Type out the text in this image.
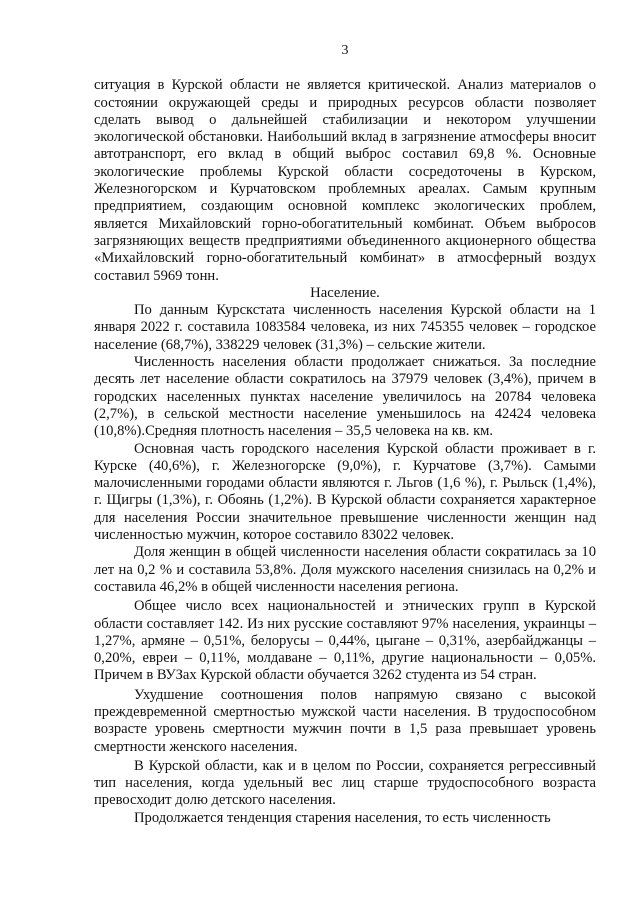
3

ситуация в Курской области не является критической. Анализ материалов о состоянии окружающей среды и природных ресурсов области позволяет сделать вывод о дальнейшей стабилизации и некотором улучшении экологической обстановки. Наибольший вклад в загрязнение атмосферы вносит автотранспорт, его вклад в общий выброс составил 69,8 %. Основные экологические проблемы Курской области сосредоточены в Курском, Железногорском и Курчатовском проблемных ареалах. Самым крупным предприятием, создающим основной комплекс экологических проблем, является Михайловский горно-обогатительный комбинат. Объем выбросов загрязняющих веществ предприятиями объединенного акционерного общества «Михайловский горно-обогатительный комбинат» в атмосферный воздух составил 5969 тонн.

Население.

По данным Курскстата численность населения Курской области на 1 января 2022 г. составила 1083584 человека, из них 745355 человек – городское население (68,7%), 338229 человек (31,3%) – сельские жители.

Численность населения области продолжает снижаться. За последние десять лет население области сократилось на 37979 человек (3,4%), причем в городских населенных пунктах население увеличилось на 20784 человека (2,7%), в сельской местности население уменьшилось на 42424 человека (10,8%).Средняя плотность населения – 35,5 человека на кв. км.

Основная часть городского населения Курской области проживает в г. Курске (40,6%), г. Железногорске (9,0%), г. Курчатове (3,7%). Самыми малочисленными городами области являются г. Льгов (1,6 %), г. Рыльск (1,4%), г. Щигры (1,3%), г. Обоянь (1,2%). В Курской области сохраняется характерное для населения России значительное превышение численности женщин над численностью мужчин, которое составило 83022 человек.

Доля женщин в общей численности населения области сократилась за 10 лет на 0,2 % и составила 53,8%. Доля мужского населения снизилась на 0,2% и составила 46,2% в общей численности населения региона.

Общее число всех национальностей и этнических групп в Курской области составляет 142. Из них русские составляют 97% населения, украинцы – 1,27%, армяне – 0,51%, белорусы – 0,44%, цыгане – 0,31%, азербайджанцы – 0,20%, евреи – 0,11%, молдаване – 0,11%, другие национальности – 0,05%. Причем в ВУЗах Курской области обучается 3262 студента из 54 стран.

Ухудшение соотношения полов напрямую связано с высокой преждевременной смертностью мужской части населения. В трудоспособном возрасте уровень смертности мужчин почти в 1,5 раза превышает уровень смертности женского населения.

В Курской области, как и в целом по России, сохраняется регрессивный тип населения, когда удельный вес лиц старше трудоспособного возраста превосходит долю детского населения.

Продолжается тенденция старения населения, то есть численность
